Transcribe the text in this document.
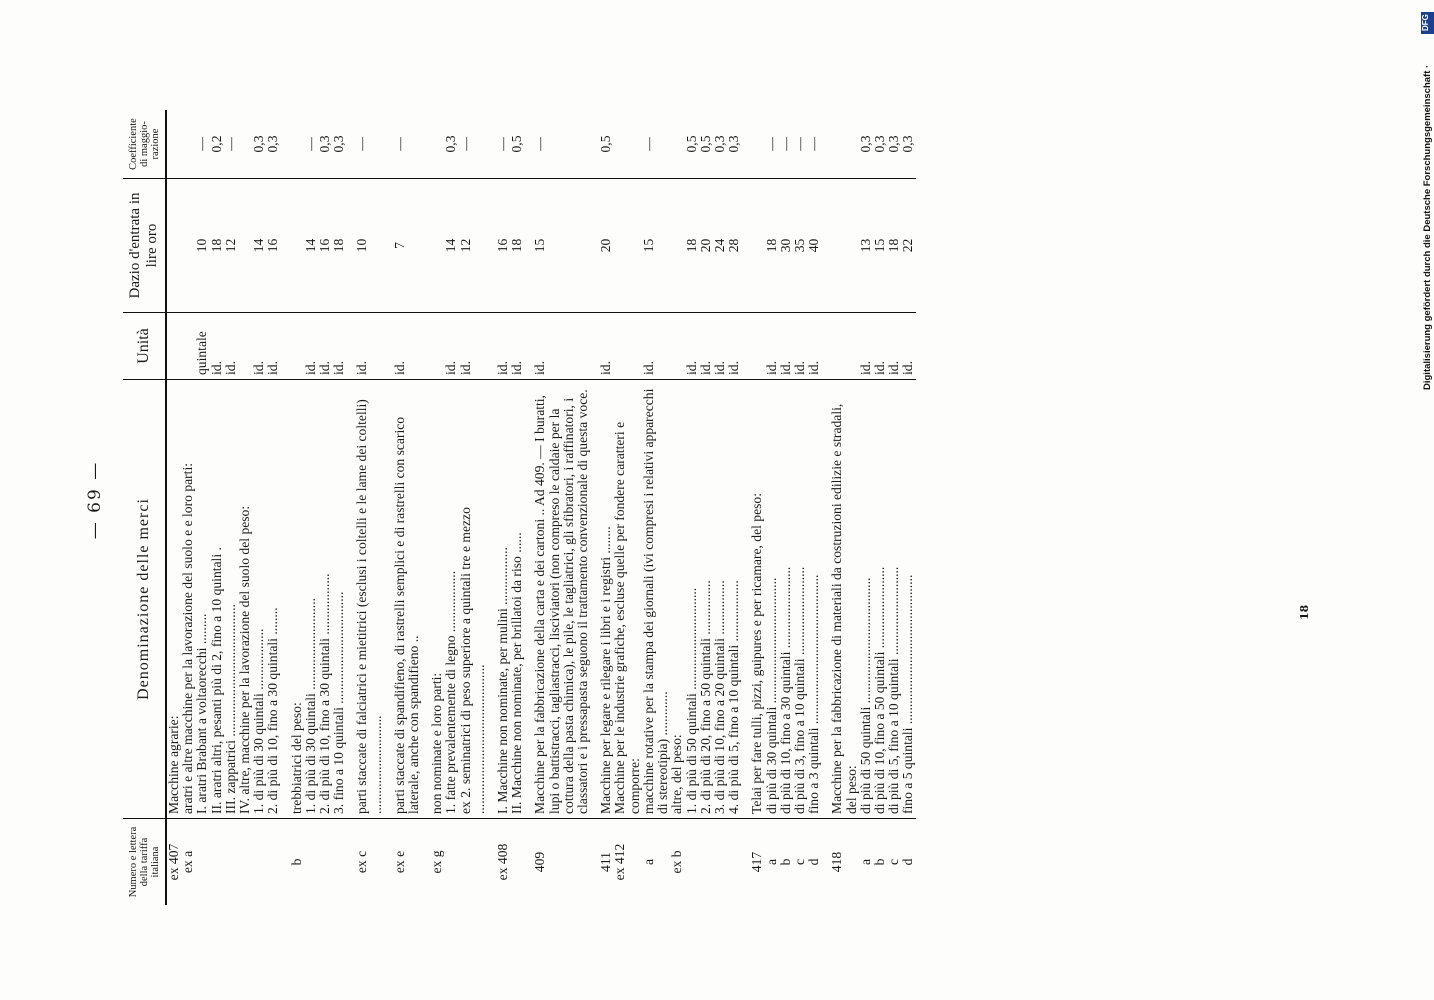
— 69 —
Numero e lettera della tariffa italiana	Denominazione delle merci	Unità	Dazio d'entrata in lire oro	Coefficiente di maggio-razione
ex 407	Macchine agrarie:			
ex a	aratri e altre macchine per la lavorazione del suolo e e loro parti:			
	I. aratri Brabant a voltaorecchi .........	quintale	10	—
	II. aratri altri, pesanti più di 2, fino a 10 quintali .	id.	18	0,2
	III. zappatrici .......................................	id.	12	—
	IV. altre, macchine per la lavorazione del suolo del peso:			
	1. di più di 30 quintali ..................	id.	14	0,3
	2. di più di 10, fino a 30 quintali ........	id.	16	0,3

b	trebbiatrici del peso:			
	1. di più di 30 quintali ...........................	id.	14	—
	2. di più di 10, fino a 30 quintali ..................	id.	16	0,3
	3. fino a 10 quintali .................................	id.	18	0,3

ex c	parti staccate di falciatrici e mietitrici (esclusi i coltelli e le lame dei coltelli) .............................	id.	10	—

ex e	parti staccate di spandifieno, di rastrelli semplici e di rastrelli con scarico laterale, anche con spandifieno ..	id.	7	—

ex g	non nominate e loro parti:			
	1. fatte prevalentemente di legno ..................	id.	14	0,3
	ex 2. seminatrici di peso superiore a quintali tre e mezzo ............................................	id.	12	—

ex 408	I. Macchine non nominate, per mulini .................	id.	16	—
	II. Macchine non nominate, per brillatoi da riso ......	id.	18	0,5

409	Macchine per la fabbricazione della carta e dei cartoni .. Ad 409. — I buratti, lupi o battistracci, tagliastracci, lisciviatori (non compreso le caldaie per la cottura della pasta chimica), le pile, le tagliatrici, gli sfibratori, i raffinatori, i classatori e i pressapasta seguono il trattamento convenzionale di questa voce.	id.	15	—

411	Macchine per legare e rilegare i libri e i registri ........	id.	20	0,5
ex 412	Macchine per le industrie grafiche, escluse quelle per fondere caratteri e comporre:			
a	macchine rotative per la stampa dei giornali (ivi compresi i relativi apparecchi di stereotipia) .............	id.	15	—
ex b	altre, del peso:			
	1. di più di 50 quintali ..............................	id.	18	0,5
	2. di più di 20, fino a 50 quintali ................	id.	20	0,5
	3. di più di 10, fino a 20 quintali ................	id.	24	0,3
	4. di più di 5, fino a 10 quintali ..................	id.	28	0,3

417	Telai per fare tulli, pizzi, guipures e per ricamare, del peso:			
a	di più di 30 quintali .....................................	id.	18	—
b	di più di 10, fino a 30 quintali ........................	id.	30	—
c	di più di 3, fino a 10 quintali ..........................	id.	35	—
d	fino a 3 quintali ............................................	id.	40	—

418	Macchine per la fabbricazione di materiali da costruzioni edilizie e stradali, del peso:			
a	di più di 50 quintali .....................................	id.	13	0,3
b	di più di 10, fino a 50 quintali ........................	id.	15	0,3
c	di più di 5, fino a 10 quintali ..........................	id.	18	0,3
d	fino a 5 quintali ............................................	id.	22	0,3
18
Digitalisierung gefördert durch die Deutsche Forschungsgemeinschaft ·
DFG
